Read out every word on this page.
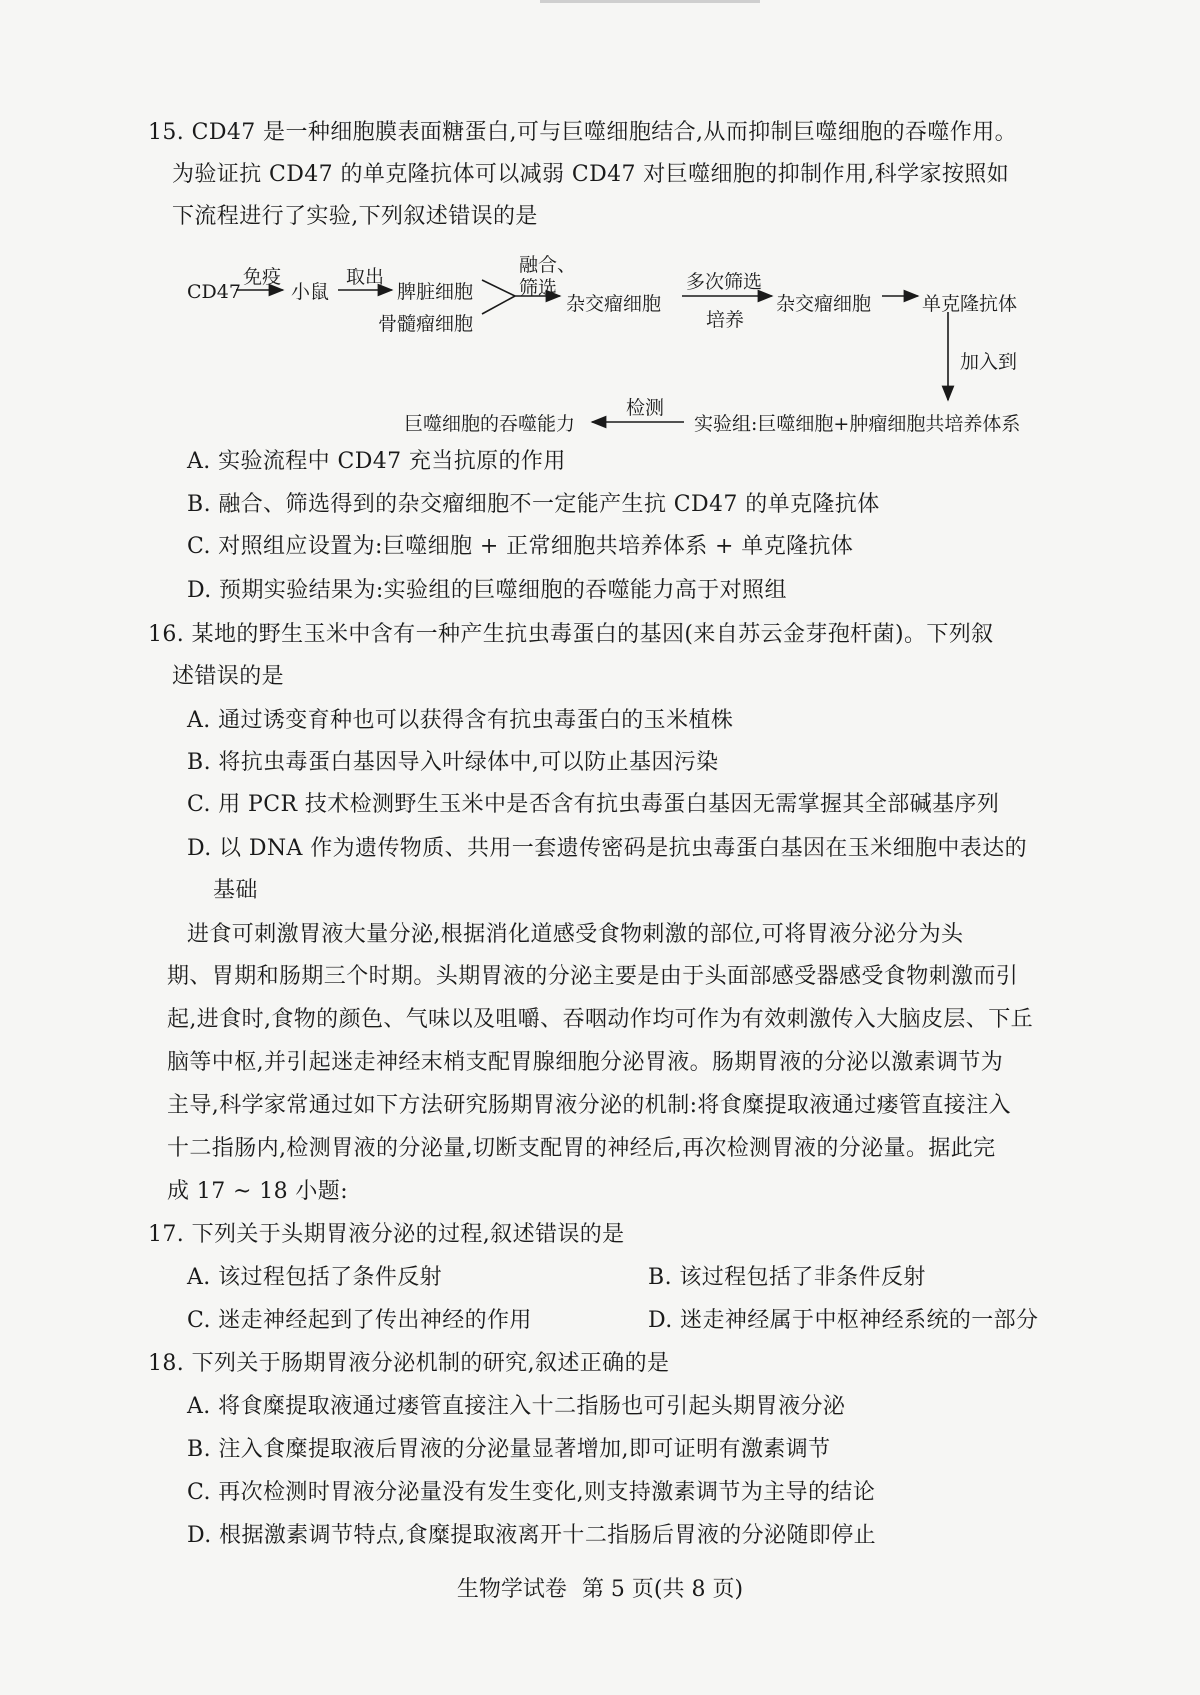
15. CD47 是一种细胞膜表面糖蛋白,可与巨噬细胞结合,从而抑制巨噬细胞的吞噬作用。
为验证抗 CD47 的单克隆抗体可以减弱 CD47 对巨噬细胞的抑制作用,科学家按照如
下流程进行了实验,下列叙述错误的是
CD47
免疫
小鼠
取出
脾脏细胞
骨髓瘤细胞
融合、
筛选
杂交瘤细胞
多次筛选
培养
杂交瘤细胞	单克隆抗体
加入到
实验组:巨噬细胞+肿瘤细胞共培养体系
检测
巨噬细胞的吞噬能力
A. 实验流程中 CD47 充当抗原的作用
B. 融合、筛选得到的杂交瘤细胞不一定能产生抗 CD47 的单克隆抗体
C. 对照组应设置为:巨噬细胞 + 正常细胞共培养体系 + 单克隆抗体
D. 预期实验结果为:实验组的巨噬细胞的吞噬能力高于对照组
16. 某地的野生玉米中含有一种产生抗虫毒蛋白的基因(来自苏云金芽孢杆菌)。下列叙
述错误的是
A. 通过诱变育种也可以获得含有抗虫毒蛋白的玉米植株
B. 将抗虫毒蛋白基因导入叶绿体中,可以防止基因污染
C. 用 PCR 技术检测野生玉米中是否含有抗虫毒蛋白基因无需掌握其全部碱基序列
D. 以 DNA 作为遗传物质、共用一套遗传密码是抗虫毒蛋白基因在玉米细胞中表达的
基础
进食可刺激胃液大量分泌,根据消化道感受食物刺激的部位,可将胃液分泌分为头
期、胃期和肠期三个时期。头期胃液的分泌主要是由于头面部感受器感受食物刺激而引
起,进食时,食物的颜色、气味以及咀嚼、吞咽动作均可作为有效刺激传入大脑皮层、下丘
脑等中枢,并引起迷走神经末梢支配胃腺细胞分泌胃液。肠期胃液的分泌以激素调节为
主导,科学家常通过如下方法研究肠期胃液分泌的机制:将食糜提取液通过瘘管直接注入
十二指肠内,检测胃液的分泌量,切断支配胃的神经后,再次检测胃液的分泌量。据此完
成 17 ~ 18 小题:
17. 下列关于头期胃液分泌的过程,叙述错误的是
A. 该过程包括了条件反射	B. 该过程包括了非条件反射
C. 迷走神经起到了传出神经的作用	D. 迷走神经属于中枢神经系统的一部分
18. 下列关于肠期胃液分泌机制的研究,叙述正确的是
A. 将食糜提取液通过瘘管直接注入十二指肠也可引起头期胃液分泌
B. 注入食糜提取液后胃液的分泌量显著增加,即可证明有激素调节
C. 再次检测时胃液分泌量没有发生变化,则支持激素调节为主导的结论
D. 根据激素调节特点,食糜提取液离开十二指肠后胃液的分泌随即停止
生物学试卷 第 5 页(共 8 页)
